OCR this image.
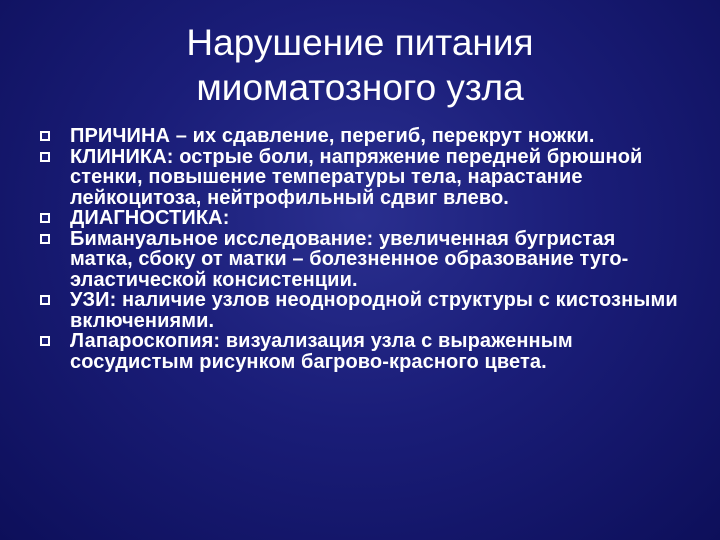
Нарушение питания
миоматозного узла
ПРИЧИНА – их сдавление, перегиб, перекрут ножки.
КЛИНИКА: острые боли, напряжение передней брюшной стенки, повышение температуры тела, нарастание лейкоцитоза, нейтрофильный сдвиг влево.
ДИАГНОСТИКА:
Бимануальное исследование: увеличенная бугристая матка, сбоку от матки – болезненное образование туго-эластической консистенции.
УЗИ: наличие узлов неоднородной структуры с кистозными включениями.
Лапароскопия: визуализация узла с выраженным сосудистым рисунком багрово-красного цвета.
